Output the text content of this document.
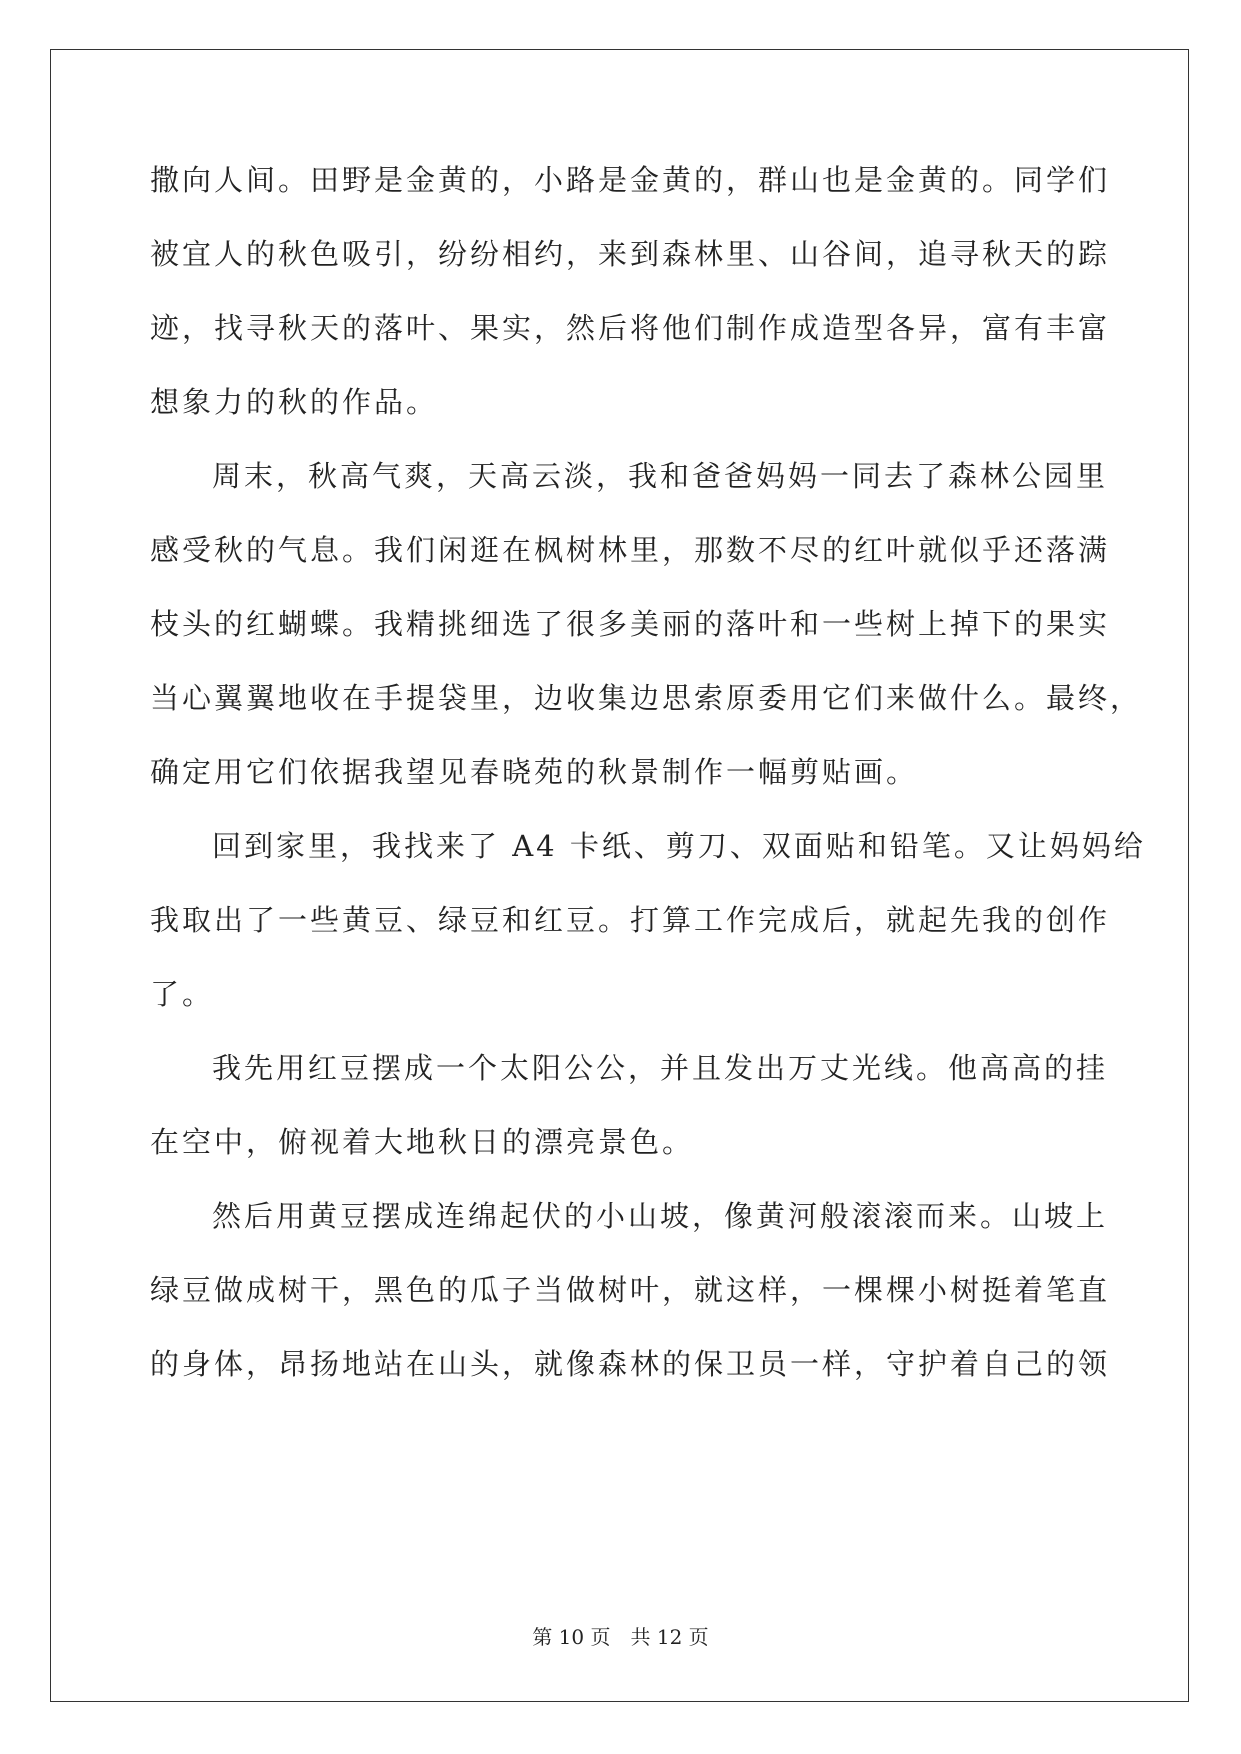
撒向人间。田野是金黄的，小路是金黄的，群山也是金黄的。同学们
被宜人的秋色吸引，纷纷相约，来到森林里、山谷间，追寻秋天的踪
迹，找寻秋天的落叶、果实，然后将他们制作成造型各异，富有丰富
想象力的秋的作品。
周末，秋高气爽，天高云淡，我和爸爸妈妈一同去了森林公园里
感受秋的气息。我们闲逛在枫树林里，那数不尽的红叶就似乎还落满
枝头的红蝴蝶。我精挑细选了很多美丽的落叶和一些树上掉下的果实
当心翼翼地收在手提袋里，边收集边思索原委用它们来做什么。最终，
确定用它们依据我望见春晓苑的秋景制作一幅剪贴画。
回到家里，我找来了 A4 卡纸、剪刀、双面贴和铅笔。又让妈妈给
我取出了一些黄豆、绿豆和红豆。打算工作完成后，就起先我的创作
了。
我先用红豆摆成一个太阳公公，并且发出万丈光线。他高高的挂
在空中，俯视着大地秋日的漂亮景色。
然后用黄豆摆成连绵起伏的小山坡，像黄河般滚滚而来。山坡上
绿豆做成树干，黑色的瓜子当做树叶，就这样，一棵棵小树挺着笔直
的身体，昂扬地站在山头，就像森林的保卫员一样，守护着自己的领
第 10 页　共 12 页
